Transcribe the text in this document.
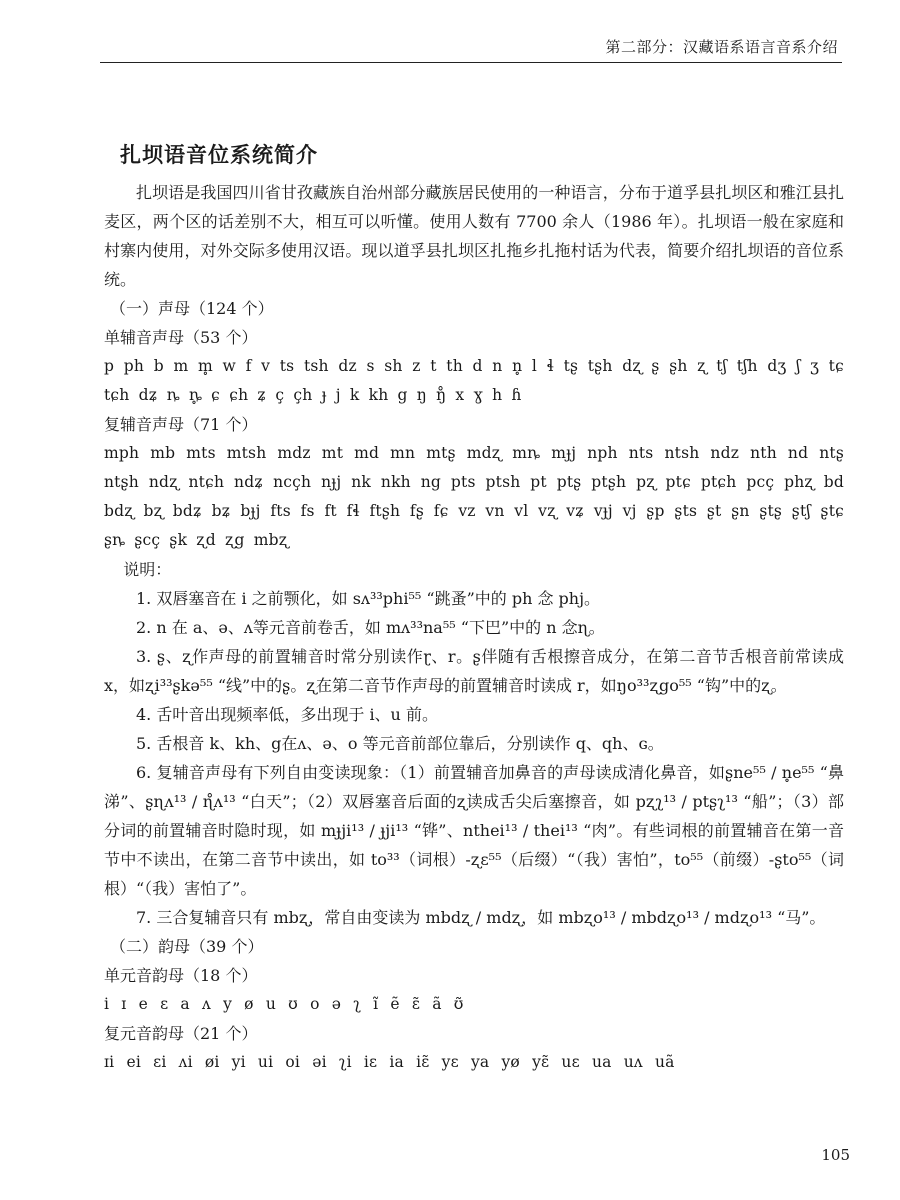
第二部分：汉藏语系语言音系介绍
扎坝语音位系统简介

扎坝语是我国四川省甘孜藏族自治州部分藏族居民使用的一种语言，分布于道孚县扎坝区和雅江县扎麦区，两个区的话差别不大，相互可以听懂。使用人数有 7700 余人（1986 年）。扎坝语一般在家庭和村寨内使用，对外交际多使用汉语。现以道孚县扎坝区扎拖乡扎拖村话为代表，简要介绍扎坝语的音位系统。

（一）声母（124 个）

单辅音声母（53 个）

p ph b m m̥ w f v ts tsh dz s sh z t th d n n̥ l ɬ tʂ tʂh dʐ ʂ ʂh ʐ tʃ tʃh dʒ ʃ ʒ tɕ tɕh dʑ ȵ ȵ̥ ɕ ɕh ʑ ç çh ɟ j k kh g ŋ ŋ̊ x ɣ h ɦ

复辅音声母（71 个）

mph mb mts mtsh mdz mt md mn mtʂ mdʐ mȵ mɟj nph nts ntsh ndz nth nd ntʂ ntʂh ndʐ ntɕh ndʑ ncçh nɟj nk nkh ng pts ptsh pt ptʂ ptʂh pʐ ptɕ ptɕh pcç phʐ bd bdʐ bʐ bdʑ bʑ bɟj fts fs ft fɬ ftʂh fʂ fɕ vz vn vl vʐ vʑ vɟj vj ʂp ʂts ʂt ʂn ʂtʂ ʂtʃ ʂtɕ ʂȵ ʂcç ʂk ʐd ʐg mbʐ

说明：

1. 双唇塞音在 i 之前颚化，如 sʌ³³phi⁵⁵ “跳蚤”中的 ph 念 phj。

2. n 在 a、ə、ʌ等元音前卷舌，如 mʌ³³na⁵⁵ “下巴”中的 n 念ɳ。

3. ʂ、ʐ作声母的前置辅音时常分别读作ɽ、r。ʂ伴随有舌根擦音成分，在第二音节舌根音前常读成 x，如ʐi³³ʂkə⁵⁵ “线”中的ʂ。ʐ在第二音节作声母的前置辅音时读成 r，如ŋo³³ʐgo⁵⁵ “钩”中的ʐ。

4. 舌叶音出现频率低，多出现于 i、u 前。

5. 舌根音 k、kh、g在ʌ、ə、o 等元音前部位靠后，分别读作 q、qh、ɢ。

6. 复辅音声母有下列自由变读现象：（1）前置辅音加鼻音的声母读成清化鼻音，如ʂne⁵⁵ / n̥e⁵⁵ “鼻涕”、ʂɳʌ¹³ / ɳ̊ʌ¹³ “白天”；（2）双唇塞音后面的ʐ读成舌尖后塞擦音，如 pʐʅ¹³ / ptʂʅ¹³ “船”；（3）部分词的前置辅音时隐时现，如 mɟji¹³ / ɟji¹³ “铧”、nthei¹³ / thei¹³ “肉”。有些词根的前置辅音在第一音节中不读出，在第二音节中读出，如 to³³（词根）-ʐɛ⁵⁵（后缀）“（我）害怕”，to⁵⁵（前缀）-ʂto⁵⁵（词根）“（我）害怕了”。

7. 三合复辅音只有 mbʐ，常自由变读为 mbdʐ / mdʐ，如 mbʐo¹³ / mbdʐo¹³ / mdʐo¹³ “马”。

（二）韵母（39 个）

单元音韵母（18 个）

i ɪ e ɛ a ʌ y ø u ʊ o ə ʅ ĩ ẽ ɛ̃ ã ʊ̃

复元音韵母（21 个）

ɪi ei ɛi ʌi øi yi ui oi əi ʅi iɛ ia iɛ̃ yɛ ya yø yɛ̃ uɛ ua uʌ uã

105
